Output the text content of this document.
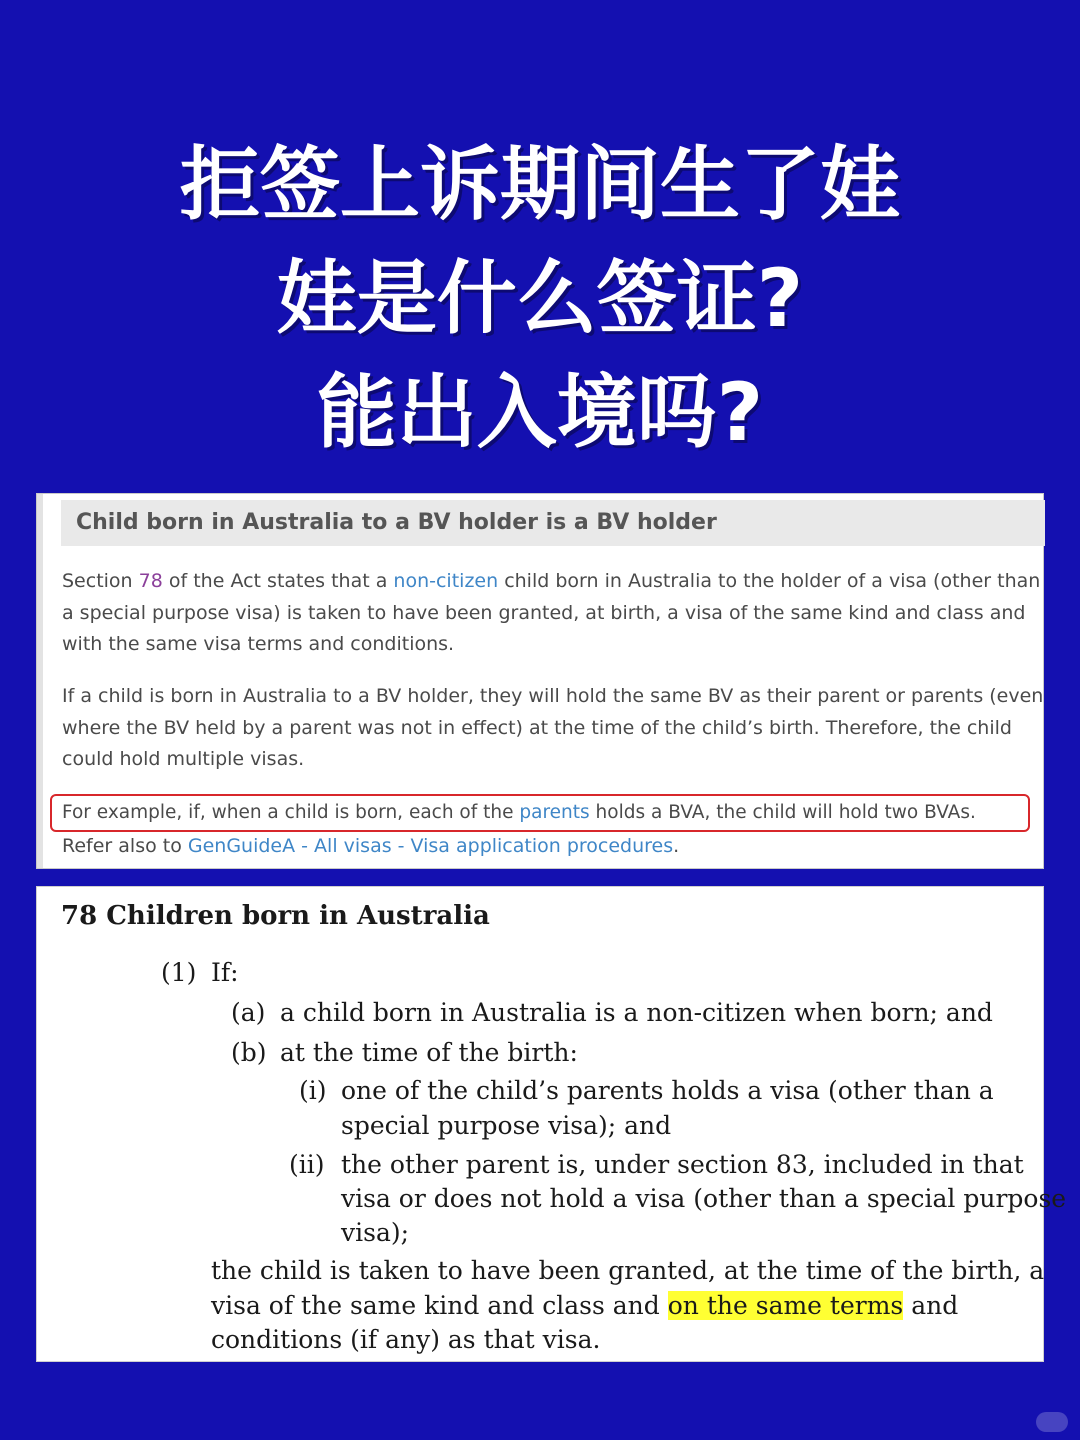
拒签上诉期间生了娃
娃是什么签证?
能出入境吗?
Child born in Australia to a BV holder is a BV holder

Section 78 of the Act states that a non-citizen child born in Australia to the holder of a visa (other than a special purpose visa) is taken to have been granted, at birth, a visa of the same kind and class and with the same visa terms and conditions.

If a child is born in Australia to a BV holder, they will hold the same BV as their parent or parents (even where the BV held by a parent was not in effect) at the time of the child’s birth. Therefore, the child could hold multiple visas.

For example, if, when a child is born, each of the parents holds a BVA, the child will hold two BVAs.

Refer also to GenGuideA - All visas - Visa application procedures.

78 Children born in Australia
(1) If:
(a) a child born in Australia is a non-citizen when born; and
(b) at the time of the birth:
(i) one of the child’s parents holds a visa (other than a
special purpose visa); and
(ii) the other parent is, under section 83, included in that
visa or does not hold a visa (other than a special purpose
visa);
the child is taken to have been granted, at the time of the birth, a
visa of the same kind and class and on the same terms and
conditions (if any) as that visa.
